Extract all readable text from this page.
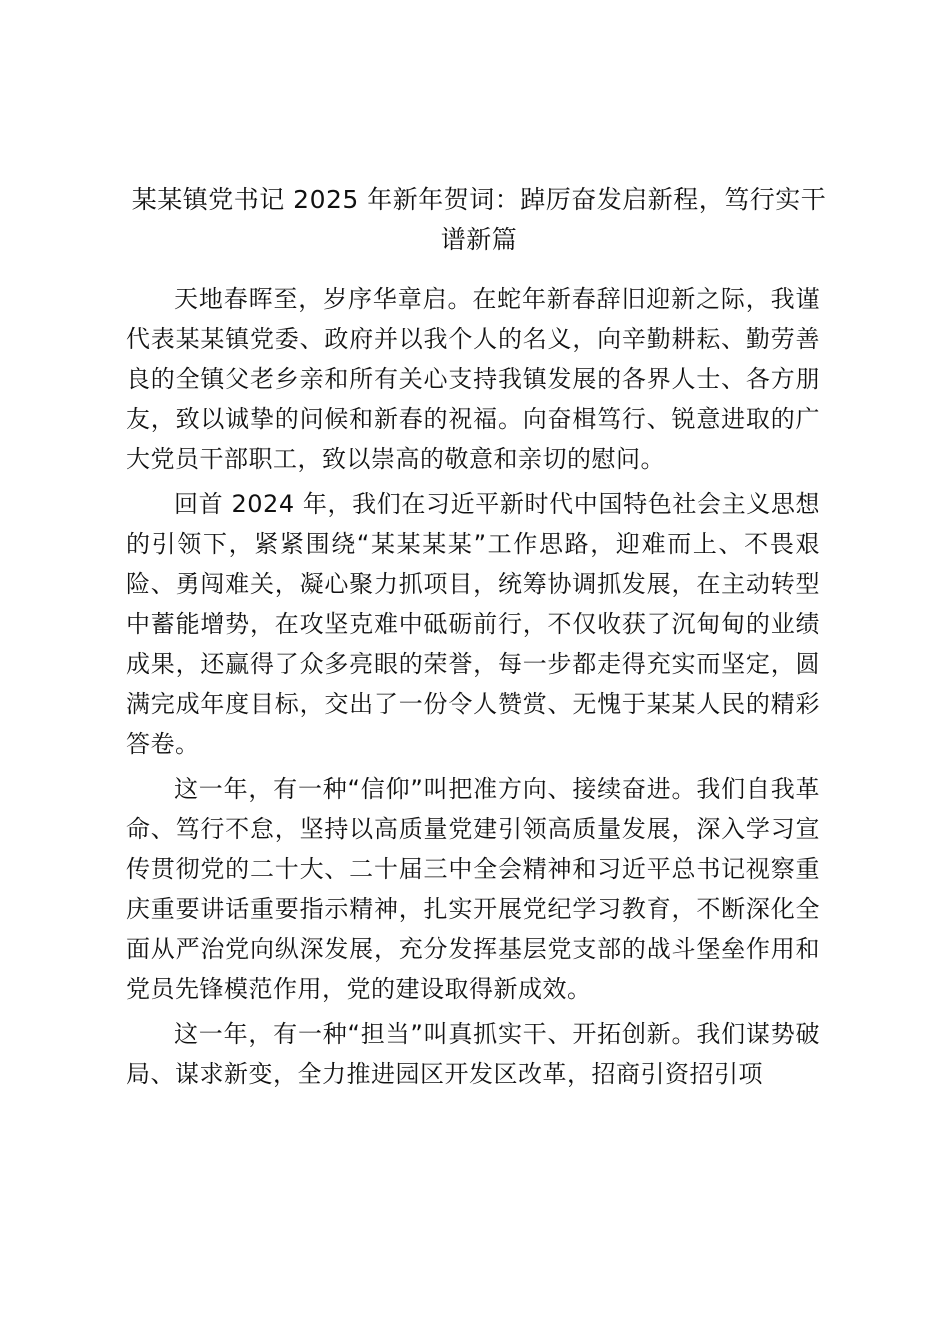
某某镇党书记 2025 年新年贺词：踔厉奋发启新程，笃行实干谱新篇

天地春晖至，岁序华章启。在蛇年新春辞旧迎新之际，我谨代表某某镇党委、政府并以我个人的名义，向辛勤耕耘、勤劳善良的全镇父老乡亲和所有关心支持我镇发展的各界人士、各方朋友，致以诚挚的问候和新春的祝福。向奋楫笃行、锐意进取的广大党员干部职工，致以崇高的敬意和亲切的慰问。

回首 2024 年，我们在习近平新时代中国特色社会主义思想的引领下，紧紧围绕“某某某某”工作思路，迎难而上、不畏艰险、勇闯难关，凝心聚力抓项目，统筹协调抓发展，在主动转型中蓄能增势，在攻坚克难中砥砺前行，不仅收获了沉甸甸的业绩成果，还赢得了众多亮眼的荣誉，每一步都走得充实而坚定，圆满完成年度目标，交出了一份令人赞赏、无愧于某某人民的精彩答卷。

这一年，有一种“信仰”叫把准方向、接续奋进。我们自我革命、笃行不怠，坚持以高质量党建引领高质量发展，深入学习宣传贯彻党的二十大、二十届三中全会精神和习近平总书记视察重庆重要讲话重要指示精神，扎实开展党纪学习教育，不断深化全面从严治党向纵深发展，充分发挥基层党支部的战斗堡垒作用和党员先锋模范作用，党的建设取得新成效。

这一年，有一种“担当”叫真抓实干、开拓创新。我们谋势破局、谋求新变，全力推进园区开发区改革，招商引资招引项
